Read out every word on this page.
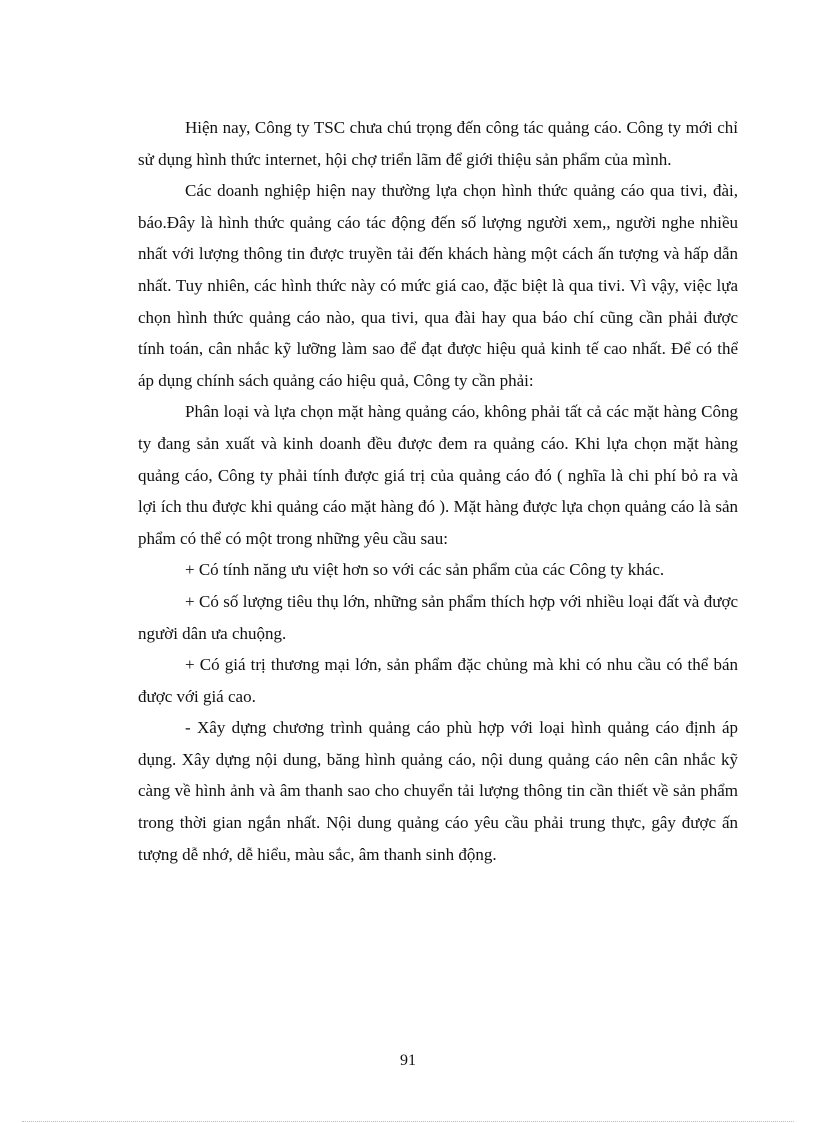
Hiện nay, Công ty TSC chưa chú trọng đến công tác quảng cáo. Công ty mới chỉ sử dụng hình thức internet, hội chợ triển lãm để giới thiệu sản phẩm của mình.

Các doanh nghiệp hiện nay thường lựa chọn hình thức quảng cáo qua tivi, đài, báo.Đây là hình thức quảng cáo tác động đến số lượng người xem,, người nghe nhiều nhất với lượng thông tin được truyền tải đến khách hàng một cách ấn tượng và hấp dẫn nhất. Tuy nhiên, các hình thức này có mức giá cao, đặc biệt là qua tivi. Vì vậy, việc lựa chọn hình thức quảng cáo nào, qua tivi, qua đài hay qua báo chí cũng cần phải được tính toán, cân nhắc kỹ lưỡng làm sao để đạt được hiệu quả kinh tế cao nhất. Để có thể áp dụng chính sách quảng cáo hiệu quả, Công ty cần phải:

Phân loại và lựa chọn mặt hàng quảng cáo, không phải tất cả các mặt hàng Công ty đang sản xuất và kinh doanh đều được đem ra quảng cáo. Khi lựa chọn mặt hàng quảng cáo, Công ty phải tính được giá trị của quảng cáo đó ( nghĩa là chi phí bỏ ra và lợi ích thu được khi quảng cáo mặt hàng đó ). Mặt hàng được lựa chọn quảng cáo là sản phẩm có thể có một trong những yêu cầu sau:

+ Có tính năng ưu việt hơn so với các sản phẩm của các Công ty khác.

+ Có số lượng tiêu thụ lớn, những sản phẩm thích hợp với nhiều loại đất và được người dân ưa chuộng.

+ Có giá trị thương mại lớn, sản phẩm đặc chủng mà khi có nhu cầu có thể bán được với giá cao.

- Xây dựng chương trình quảng cáo phù hợp với loại hình quảng cáo định áp dụng. Xây dựng nội dung, băng hình quảng cáo, nội dung quảng cáo nên cân nhắc kỹ càng về hình ảnh và âm thanh sao cho chuyển tải lượng thông tin cần thiết về sản phẩm trong thời gian ngắn nhất. Nội dung quảng cáo yêu cầu phải trung thực, gây được ấn tượng dễ nhớ, dễ hiểu, màu sắc, âm thanh sinh động.

91
